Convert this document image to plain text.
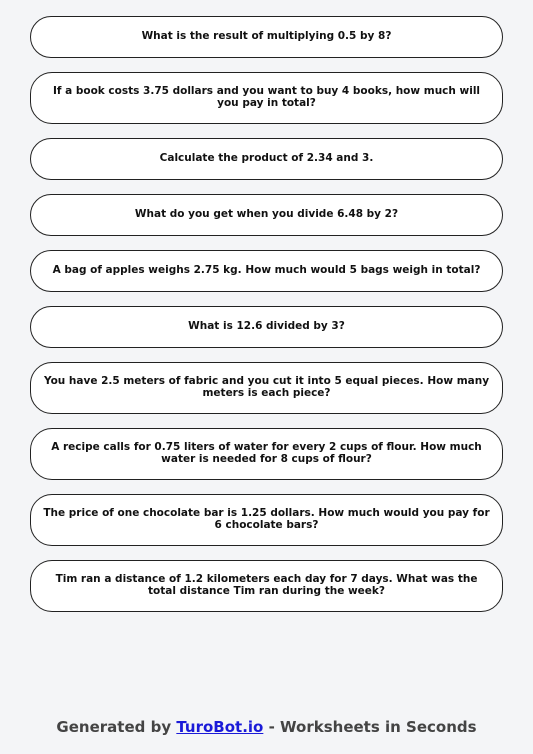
What is the result of multiplying 0.5 by 8?
If a book costs 3.75 dollars and you want to buy 4 books, how much will you pay in total?
Calculate the product of 2.34 and 3.
What do you get when you divide 6.48 by 2?
A bag of apples weighs 2.75 kg. How much would 5 bags weigh in total?
What is 12.6 divided by 3?
You have 2.5 meters of fabric and you cut it into 5 equal pieces. How many meters is each piece?
A recipe calls for 0.75 liters of water for every 2 cups of flour. How much water is needed for 8 cups of flour?
The price of one chocolate bar is 1.25 dollars. How much would you pay for 6 chocolate bars?
Tim ran a distance of 1.2 kilometers each day for 7 days. What was the total distance Tim ran during the week?
Generated by TuroBot.io - Worksheets in Seconds
